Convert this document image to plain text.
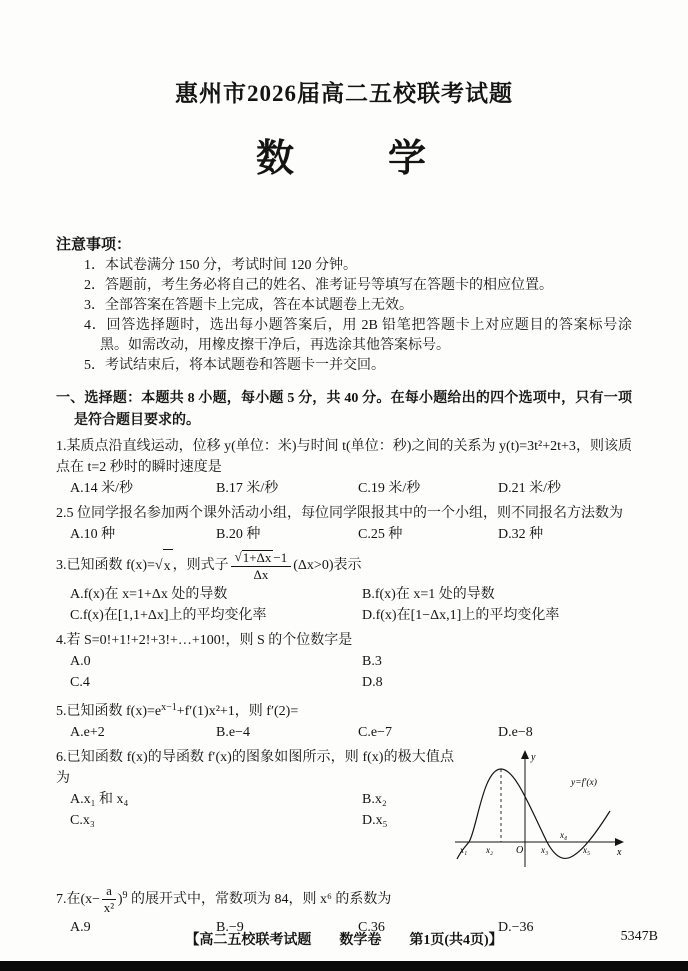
惠州市2026届高二五校联考试题
数　　学
注意事项：
1．本试卷满分 150 分，考试时间 120 分钟。
2．答题前，考生务必将自己的姓名、准考证号等填写在答题卡的相应位置。
3．全部答案在答题卡上完成，答在本试题卷上无效。
4．回答选择题时，选出每小题答案后，用 2B 铅笔把答题卡上对应题目的答案标号涂黑。如需改动，用橡皮擦干净后，再选涂其他答案标号。
5．考试结束后，将本试题卷和答题卡一并交回。
一、选择题：本题共 8 小题，每小题 5 分，共 40 分。在每小题给出的四个选项中，只有一项是符合题目要求的。
1.某质点沿直线运动，位移 y(单位：米)与时间 t(单位：秒)之间的关系为 y(t)=3t²+2t+3，则该质点在 t=2 秒时的瞬时速度是
A.14 米/秒	B.17 米/秒	C.19 米/秒	D.21 米/秒
2.5 位同学报名参加两个课外活动小组，每位同学限报其中的一个小组，则不同报名方法数为
A.10 种	B.20 种	C.25 种	D.32 种
3.已知函数 f(x)= √ x ，则式子 $\frac{√ 1+\Delta x -1}{\Delta x} (\Delta x>0)$表示
A.f(x)在 x=1+Δx 处的导数	B.f(x)在 x=1 处的导数
C.f(x)在[1,1+Δx]上的平均变化率	D.f(x)在[1−Δx,1]上的平均变化率
4.若 S=0!+1!+2!+3!+…+100!，则 S 的个位数字是
A.0	B.3
C.4	D.8
5.已知函数 $f(x)=e^{x-1}+f'(1)x^2+1$，则 f′(2)=
A.e+2	B.e−4	C.e−7	D.e−8
y
x
O
x₁ x₂	x₃
x₄
x₅
y=f′(x)
6.已知函数 f(x)的导函数 f′(x)的图象如图所示，则 f(x)的极大值点为
A.x₁ 和 x₄	B.x₂
C.x₃	D.x₅
7.在$(x- \frac{a}{\text{x²}} )^9$ 的展开式中，常数项为 84，则 x⁶ 的系数为
A.9	B.−9	C.36	D.−36
【高二五校联考试题　　数学卷　　第1页(共4页)】	5347B
